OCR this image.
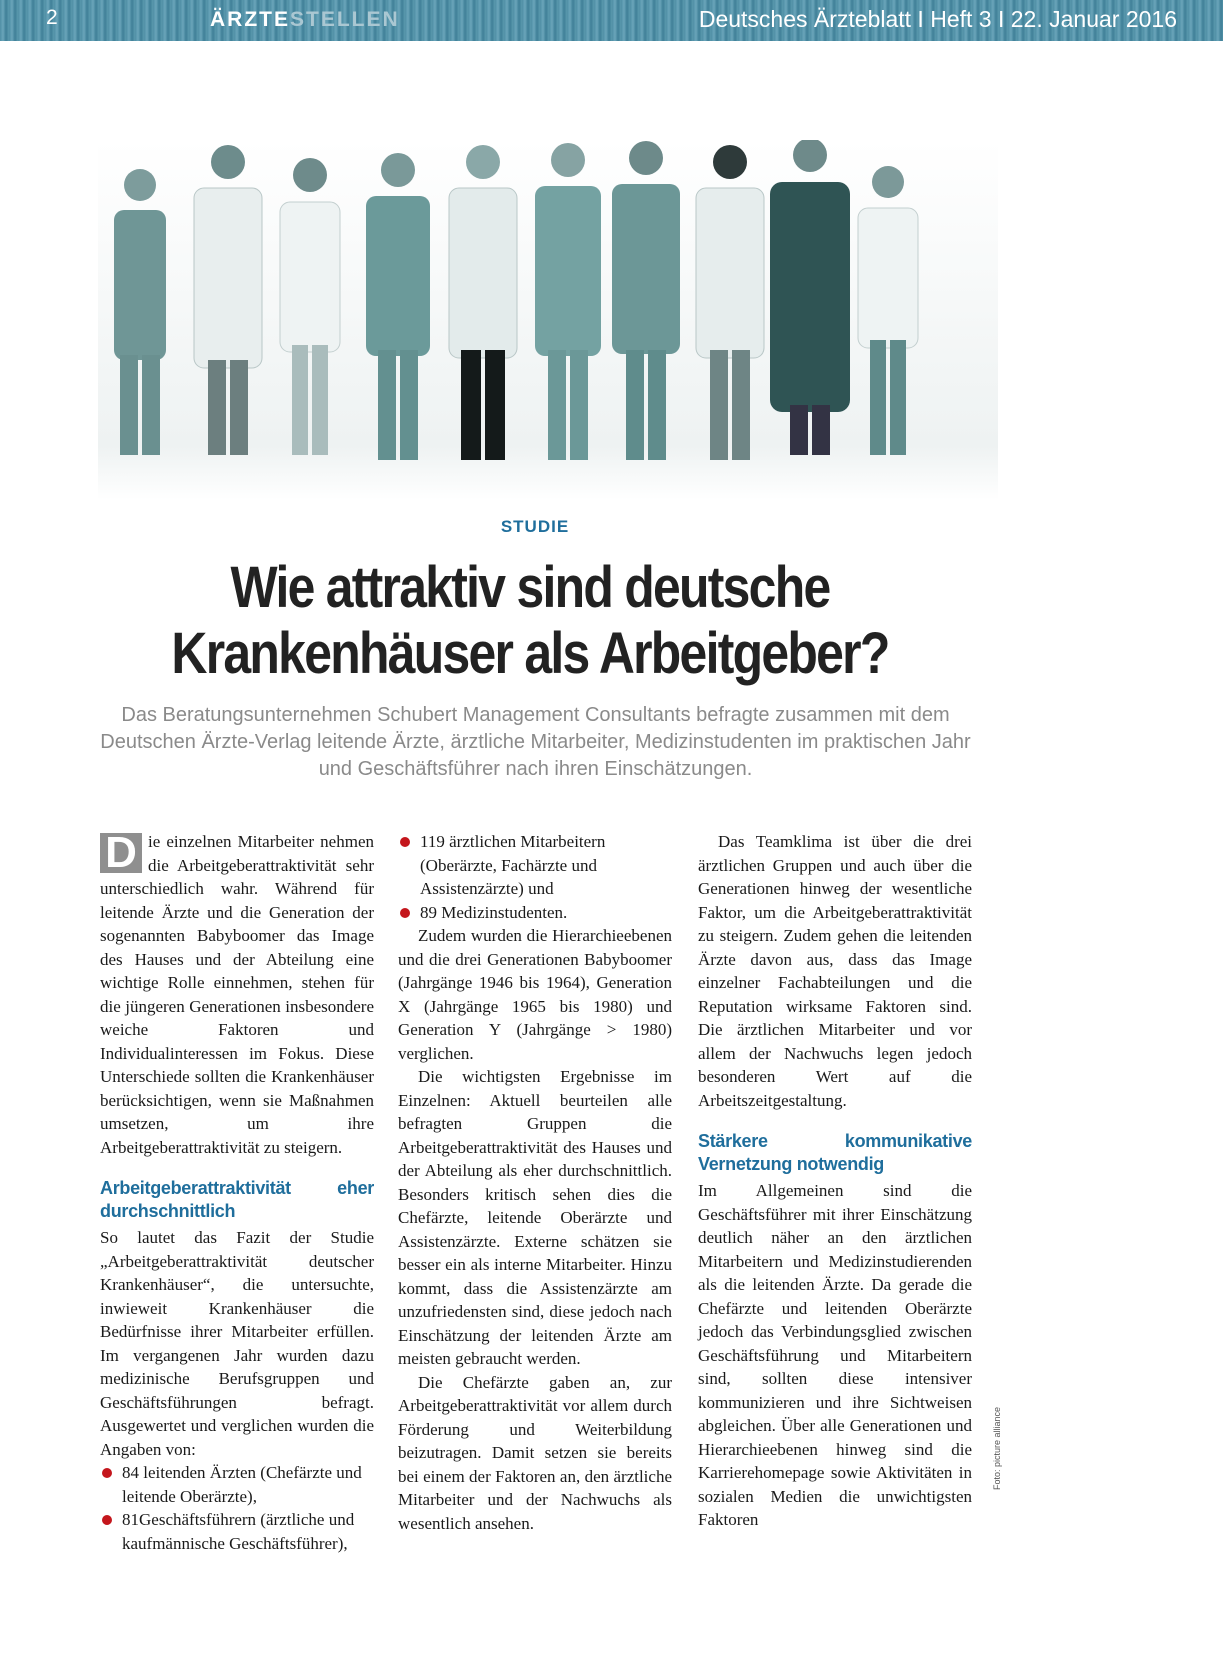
2	ÄRZTESTELLEN	Deutsches Ärzteblatt I Heft 3 I 22. Januar 2016
STUDIE
Wie attraktiv sind deutsche
Krankenhäuser als Arbeitgeber?
Das Beratungsunternehmen Schubert Management Consultants befragte zusammen mit dem Deutschen Ärzte-Verlag leitende Ärzte, ärztliche Mitarbeiter, Medizinstudenten im praktischen Jahr und Geschäftsführer nach ihren Einschätzungen.

D ie einzelnen Mitarbeiter nehmen die Arbeitgeberattraktivität sehr unterschiedlich wahr. Während für leitende Ärzte und die Generation der sogenannten Babyboomer das Image des Hauses und der Abteilung eine wichtige Rolle einnehmen, stehen für die jüngeren Generationen insbesondere weiche Faktoren und Individualinteressen im Fokus. Diese Unterschiede sollten die Krankenhäuser berücksichtigen, wenn sie Maßnahmen umsetzen, um ihre Arbeitgeberattraktivität zu steigern.

Arbeitgeberattraktivität eher durchschnittlich

So lautet das Fazit der Studie „Arbeitgeberattraktivität deutscher Krankenhäuser“, die untersuchte, inwieweit Krankenhäuser die Bedürfnisse ihrer Mitarbeiter erfüllen. Im vergangenen Jahr wurden dazu medizinische Berufsgruppen und Geschäftsführungen befragt. Ausgewertet und verglichen wurden die Angaben von:

84 leitenden Ärzten (Chefärzte und leitende Oberärzte),
81Geschäftsführern (ärztliche und kaufmännische Geschäftsführer),
119 ärztlichen Mitarbeitern (Oberärzte, Fachärzte und Assistenzärzte) und
89 Medizinstudenten.

Zudem wurden die Hierarchieebenen und die drei Generationen Babyboomer (Jahrgänge 1946 bis 1964), Generation X (Jahrgänge 1965 bis 1980) und Generation Y (Jahrgänge > 1980) verglichen.

Die wichtigsten Ergebnisse im Einzelnen: Aktuell beurteilen alle befragten Gruppen die Arbeitgeberattraktivität des Hauses und der Abteilung als eher durchschnittlich. Besonders kritisch sehen dies die Chefärzte, leitende Oberärzte und Assistenzärzte. Externe schätzen sie besser ein als interne Mitarbeiter. Hinzu kommt, dass die Assistenzärzte am unzufriedensten sind, diese jedoch nach Einschätzung der leitenden Ärzte am meisten gebraucht werden.

Die Chefärzte gaben an, zur Arbeitgeberattraktivität vor allem durch Förderung und Weiterbildung beizutragen. Damit setzen sie bereits bei einem der Faktoren an, den ärztliche Mitarbeiter und der Nachwuchs als wesentlich ansehen.

Das Teamklima ist über die drei ärztlichen Gruppen und auch über die Generationen hinweg der wesentliche Faktor, um die Arbeitgeberattraktivität zu steigern. Zudem gehen die leitenden Ärzte davon aus, dass das Image einzelner Fachabteilungen und die Reputation wirksame Faktoren sind. Die ärztlichen Mitarbeiter und vor allem der Nachwuchs legen jedoch besonderen Wert auf die Arbeitszeitgestaltung.

Stärkere kommunikative Vernetzung notwendig

Im Allgemeinen sind die Geschäftsführer mit ihrer Einschätzung deutlich näher an den ärztlichen Mitarbeitern und Medizinstudierenden als die leitenden Ärzte. Da gerade die Chefärzte und leitenden Oberärzte jedoch das Verbindungsglied zwischen Geschäftsführung und Mitarbeitern sind, sollten diese intensiver kommunizieren und ihre Sichtweisen abgleichen. Über alle Generationen und Hierarchieebenen hinweg sind die Karrierehomepage sowie Aktivitäten in sozialen Medien die unwichtigsten Faktoren

Foto: picture alliance
